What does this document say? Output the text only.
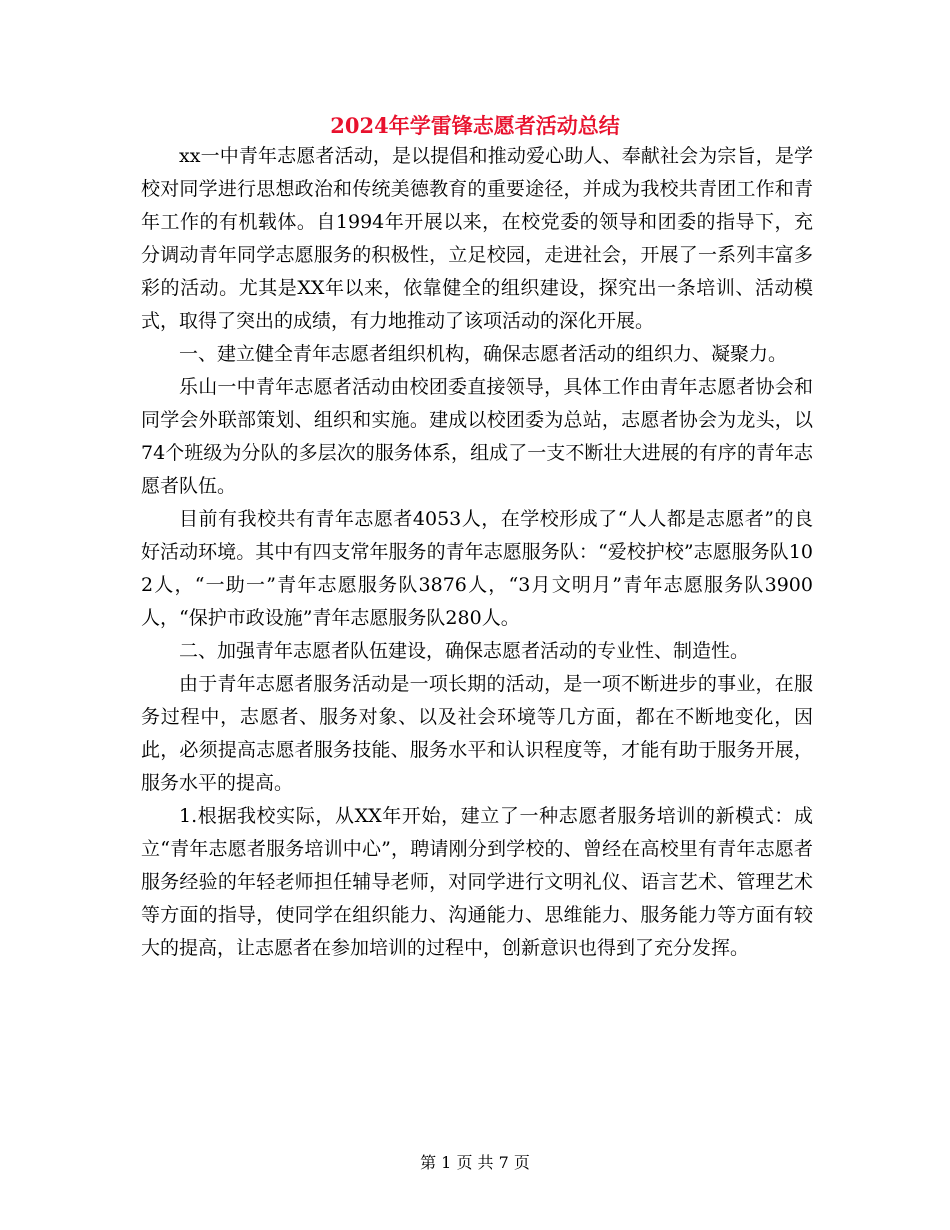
2024年学雷锋志愿者活动总结

xx一中青年志愿者活动，是以提倡和推动爱心助人、奉献社会为宗旨，是学校对同学进行思想政治和传统美德教育的重要途径，并成为我校共青团工作和青年工作的有机载体。自1994年开展以来，在校党委的领导和团委的指导下，充分调动青年同学志愿服务的积极性，立足校园，走进社会，开展了一系列丰富多彩的活动。尤其是XX年以来，依靠健全的组织建设，探究出一条培训、活动模式，取得了突出的成绩，有力地推动了该项活动的深化开展。

一、建立健全青年志愿者组织机构，确保志愿者活动的组织力、凝聚力。

乐山一中青年志愿者活动由校团委直接领导，具体工作由青年志愿者协会和同学会外联部策划、组织和实施。建成以校团委为总站，志愿者协会为龙头，以74个班级为分队的多层次的服务体系，组成了一支不断壮大进展的有序的青年志愿者队伍。

目前有我校共有青年志愿者4053人，在学校形成了“人人都是志愿者”的良好活动环境。其中有四支常年服务的青年志愿服务队：“爱校护校”志愿服务队102人，“一助一”青年志愿服务队3876人，“3月文明月”青年志愿服务队3900人，“保护市政设施”青年志愿服务队280人。

二、加强青年志愿者队伍建设，确保志愿者活动的专业性、制造性。

由于青年志愿者服务活动是一项长期的活动，是一项不断进步的事业，在服务过程中，志愿者、服务对象、以及社会环境等几方面，都在不断地变化，因此，必须提高志愿者服务技能、服务水平和认识程度等，才能有助于服务开展，服务水平的提高。

1.根据我校实际，从XX年开始，建立了一种志愿者服务培训的新模式：成立“青年志愿者服务培训中心”，聘请刚分到学校的、曾经在高校里有青年志愿者服务经验的年轻老师担任辅导老师，对同学进行文明礼仪、语言艺术、管理艺术等方面的指导，使同学在组织能力、沟通能力、思维能力、服务能力等方面有较大的提高，让志愿者在参加培训的过程中，创新意识也得到了充分发挥。

第 1 页 共 7 页
